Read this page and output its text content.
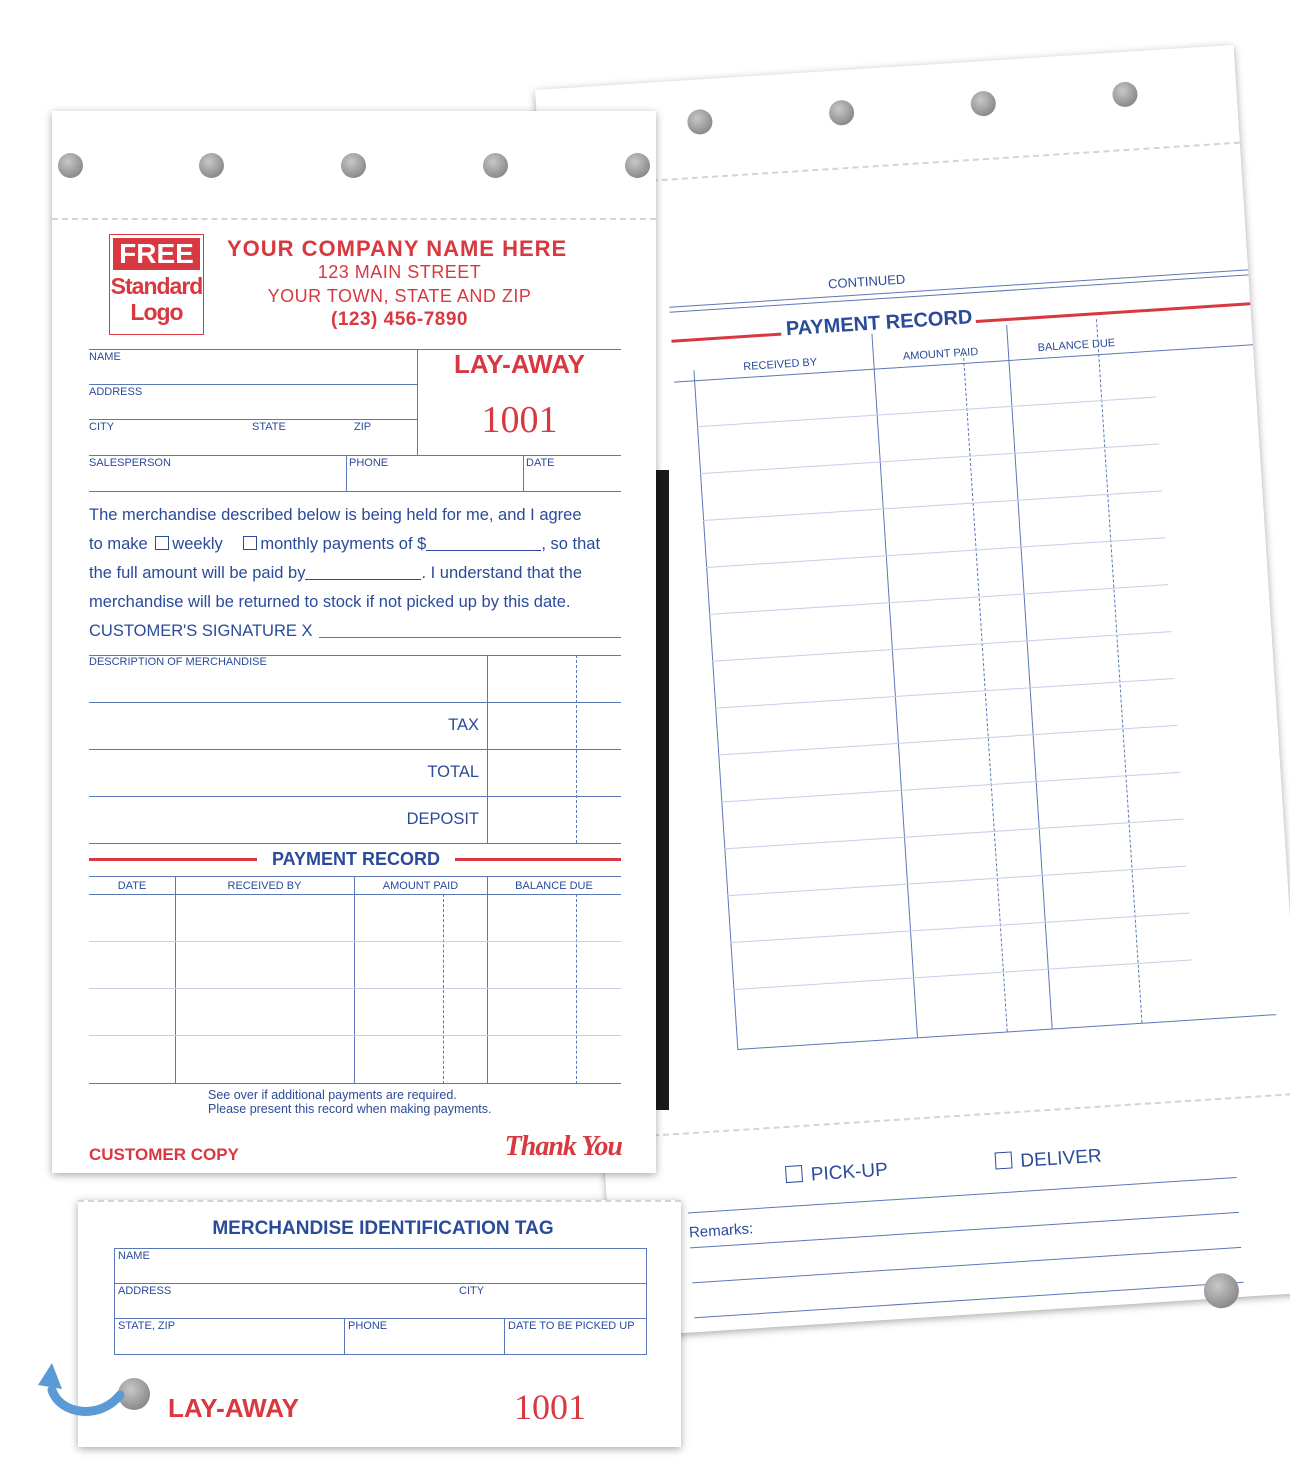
CONTINUED
PAYMENT RECORD
RECEIVED BY
AMOUNT PAID
BALANCE DUE
PICK-UP
DELIVER
Remarks:
FREE
Standard
Logo
YOUR COMPANY NAME HERE
123 MAIN STREET
YOUR TOWN, STATE AND ZIP
(123) 456-7890
NAME
ADDRESS
CITY	STATE	ZIP
SALESPERSON	PHONE	DATE
LAY-AWAY
1001
The merchandise described below is being held for me, and I agree
to make weekly monthly payments of $	, so that
the full amount will be paid by	. I understand that the
merchandise will be returned to stock if not picked up by this date.
CUSTOMER'S SIGNATURE X
DESCRIPTION OF MERCHANDISE
TAX
TOTAL
DEPOSIT
PAYMENT RECORD
DATE	RECEIVED BY	AMOUNT PAID	BALANCE DUE
See over if additional payments are required.
Please present this record when making payments.
CUSTOMER COPY	Thank You
MERCHANDISE IDENTIFICATION TAG
NAME
ADDRESS	CITY
STATE, ZIP	PHONE	DATE TO BE PICKED UP
LAY-AWAY	1001
